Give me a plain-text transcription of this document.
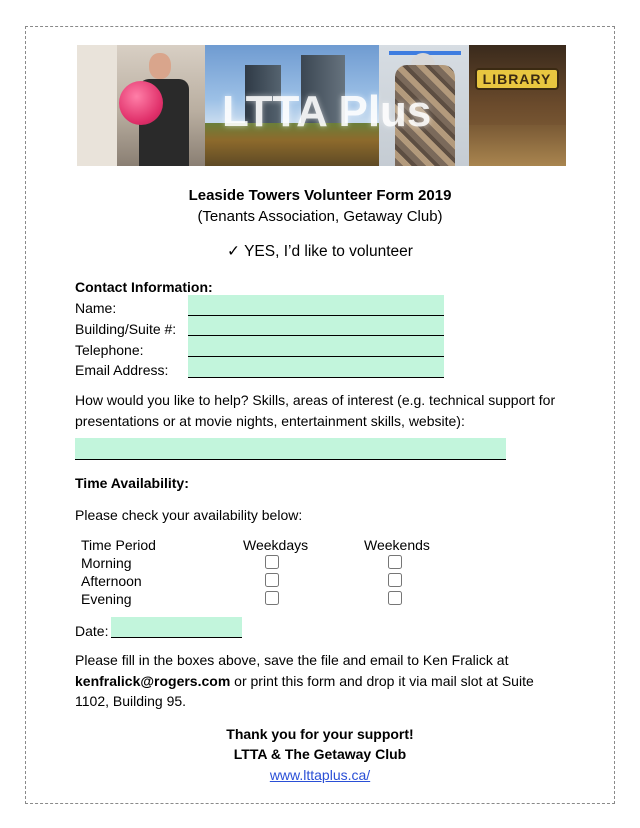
LIBRARY
LTTA Plus
Leaside Towers Volunteer Form 2019
(Tenants Association, Getaway Club)
✓ YES, I’d like to volunteer
Contact Information:
Name:
Building/Suite #:
Telephone:
Email Address:
How would you like to help? Skills, areas of interest (e.g. technical support for
presentations or at movie nights, entertainment skills, website):
Time Availability:
Please check your availability below:
Time Period	Weekdays	Weekends
Morning
Afternoon
Evening
Date:
Please fill in the boxes above, save the file and email to Ken Fralick at kenfralick@rogers.com or print this form and drop it via mail slot at Suite 1102, Building 95.
Thank you for your support!
LTTA & The Getaway Club
www.lttaplus.ca/
